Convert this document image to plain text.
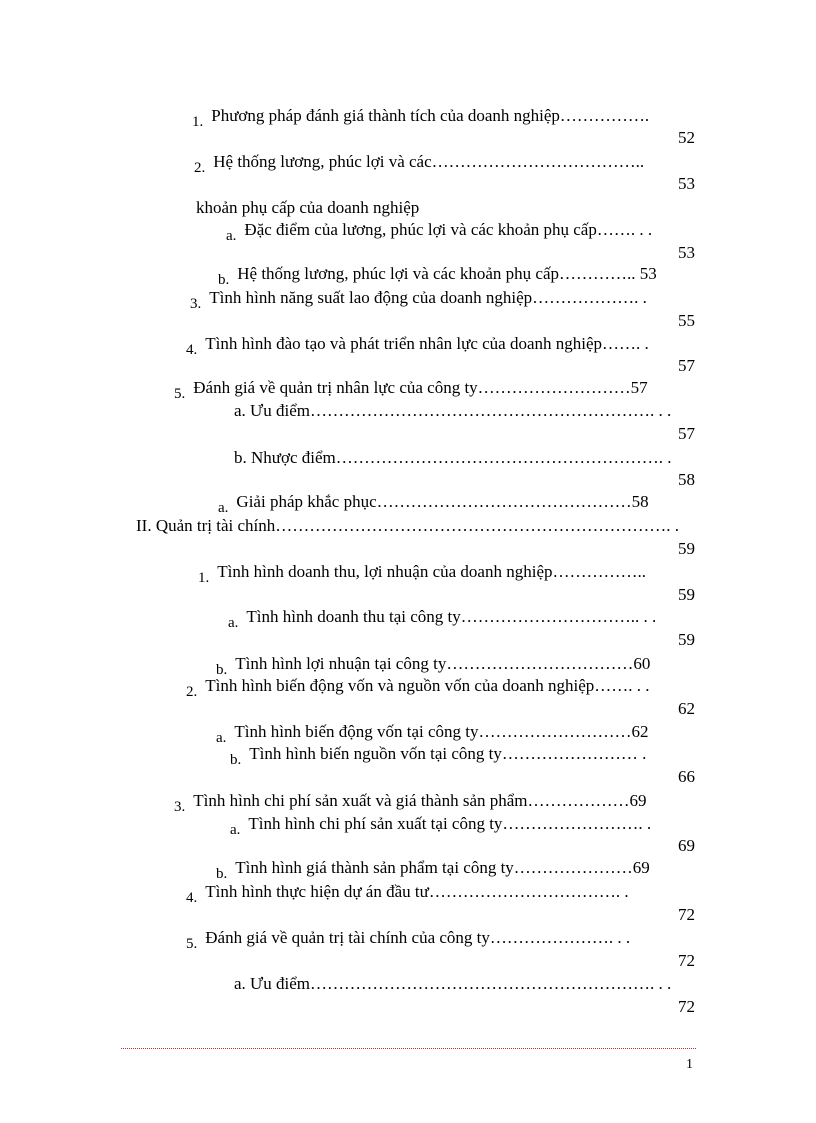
1. Phương pháp đánh giá thành tích của doanh nghiệp…………….
52
2. Hệ thống lương, phúc lợi và các………………………………..
53
khoản phụ cấp của doanh nghiệp
a. Đặc điểm của lương, phúc lợi và các khoản phụ cấp……. . .
53
b. Hệ thống lương, phúc lợi và các khoản phụ cấp………….. 53
3. Tình hình năng suất lao động của doanh nghiệp………………. .
55
4. Tình hình đào tạo và phát triển nhân lực của doanh nghiệp……. .
57
5. Đánh giá về quản trị nhân lực của công ty………………………57
a. Ưu điểm……………………………………………………. . .
57
b. Nhược điểm…………………………………………………. .
58
a. Giải pháp khắc phục………………………………………58
II. Quản trị tài chính……………………………………………………………. .
59
1. Tình hình doanh thu, lợi nhuận của doanh nghiệp……………..
59
a. Tình hình doanh thu tại công ty………………………….. . .
59
b. Tình hình lợi nhuận tại công ty……………………………60
2. Tình hình biến động vốn và nguồn vốn của doanh nghiệp……. . .
62
a. Tình hình biến động vốn tại công ty………………………62
b. Tình hình biến nguồn vốn tại công ty…………………… .
66
3. Tình hình chi phí sản xuất và giá thành sản phẩm………………69
a. Tình hình chi phí sản xuất tại công ty……………………. .
69
b. Tình hình giá thành sản phẩm tại công ty…………………69
4. Tình hình thực hiện dự án đầu tư……………………………. .
72
5. Đánh giá về quản trị tài chính của công ty…………………. . .
72
a. Ưu điểm……………………………………………………. . .
72
1
